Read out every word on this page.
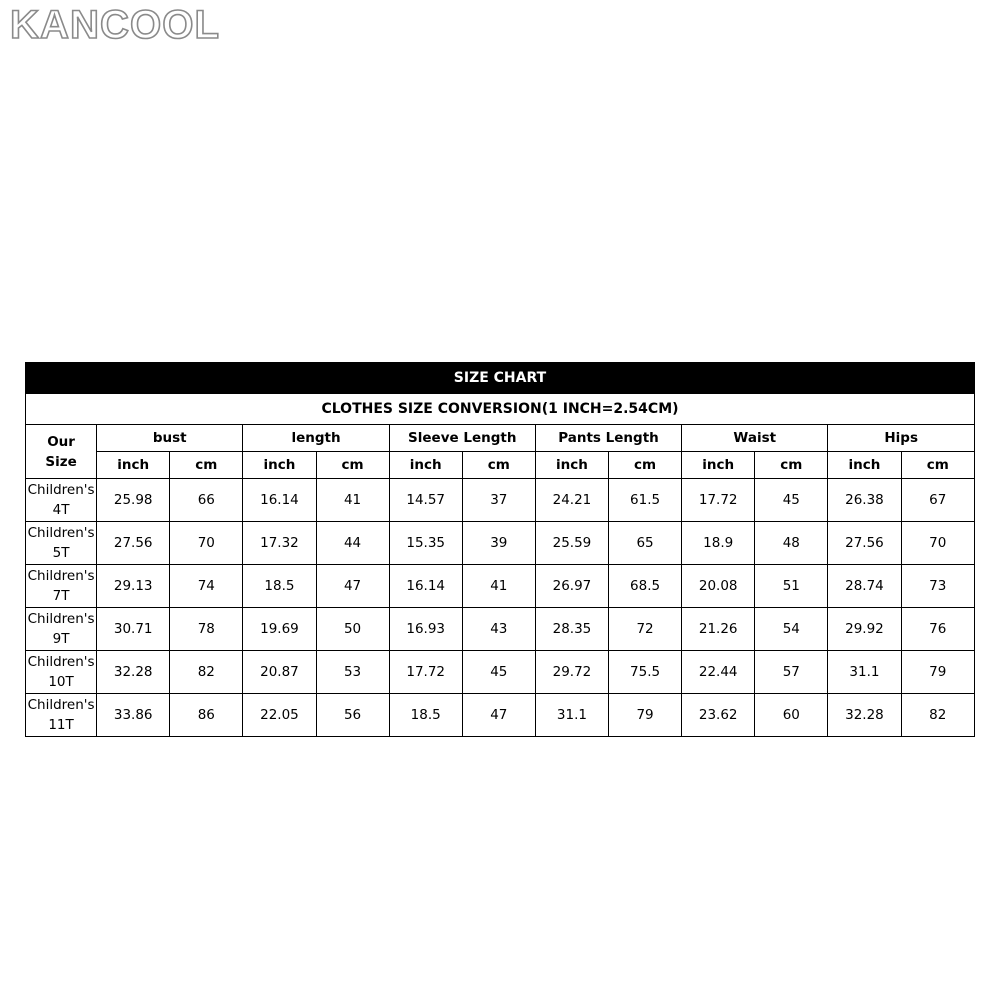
KANCOOL
SIZE CHART												
CLOTHES SIZE CONVERSION(1 INCH=2.54CM)												
Our
Size	bust		length		Sleeve Length		Pants Length		Waist		Hips	
	inch	cm	inch	cm	inch	cm	inch	cm	inch	cm	inch	cm
Children's
4T	25.98	66	16.14	41	14.57	37	24.21	61.5	17.72	45	26.38	67
Children's
5T	27.56	70	17.32	44	15.35	39	25.59	65	18.9	48	27.56	70
Children's
7T	29.13	74	18.5	47	16.14	41	26.97	68.5	20.08	51	28.74	73
Children's
9T	30.71	78	19.69	50	16.93	43	28.35	72	21.26	54	29.92	76
Children's
10T	32.28	82	20.87	53	17.72	45	29.72	75.5	22.44	57	31.1	79
Children's
11T	33.86	86	22.05	56	18.5	47	31.1	79	23.62	60	32.28	82
